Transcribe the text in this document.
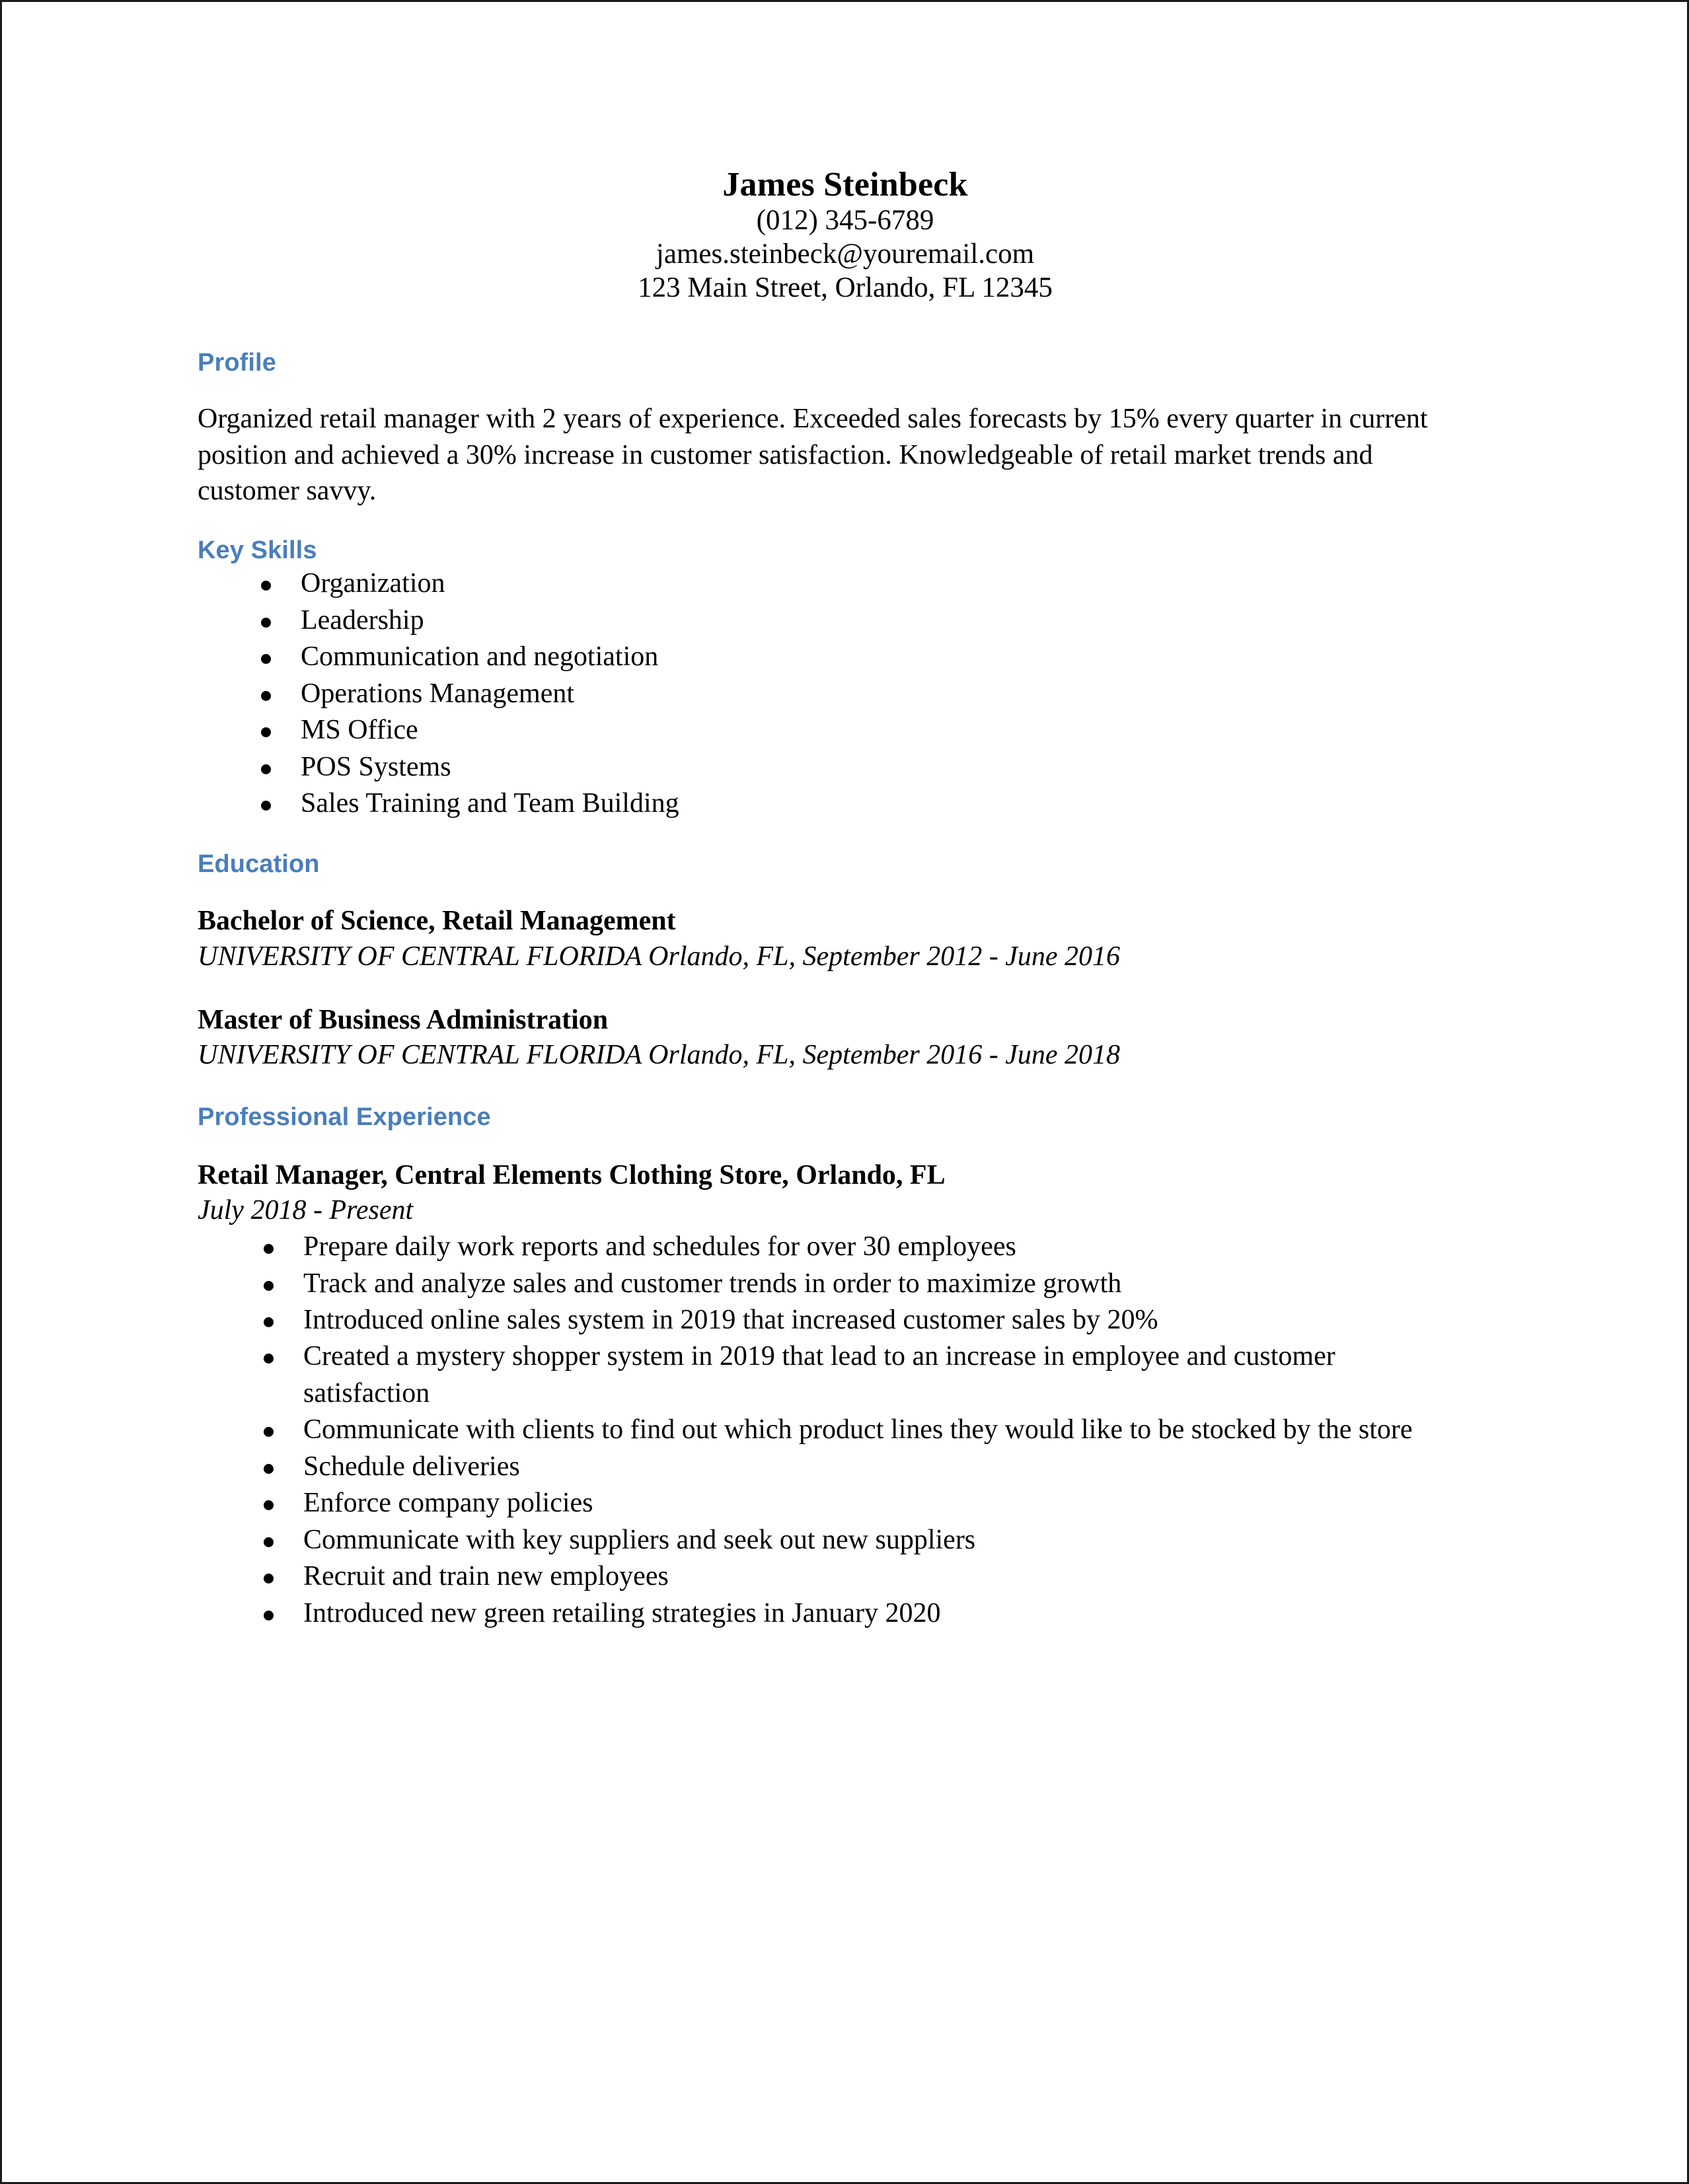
James Steinbeck
(012) 345-6789
james.steinbeck@youremail.com
123 Main Street, Orlando, FL 12345
Profile

Organized retail manager with 2 years of experience. Exceeded sales forecasts by 15% every quarter in current position and achieved a 30% increase in customer satisfaction. Knowledgeable of retail market trends and customer savvy.

Key Skills
Organization
Leadership
Communication and negotiation
Operations Management
MS Office
POS Systems
Sales Training and Team Building
Education
Bachelor of Science, Retail Management
UNIVERSITY OF CENTRAL FLORIDA Orlando, FL, September 2012 - June 2016
Master of Business Administration
UNIVERSITY OF CENTRAL FLORIDA Orlando, FL, September 2016 - June 2018
Professional Experience
Retail Manager, Central Elements Clothing Store, Orlando, FL
July 2018 - Present
Prepare daily work reports and schedules for over 30 employees
Track and analyze sales and customer trends in order to maximize growth
Introduced online sales system in 2019 that increased customer sales by 20%
Created a mystery shopper system in 2019 that lead to an increase in employee and customer satisfaction
Communicate with clients to find out which product lines they would like to be stocked by the store
Schedule deliveries
Enforce company policies
Communicate with key suppliers and seek out new suppliers
Recruit and train new employees
Introduced new green retailing strategies in January 2020
